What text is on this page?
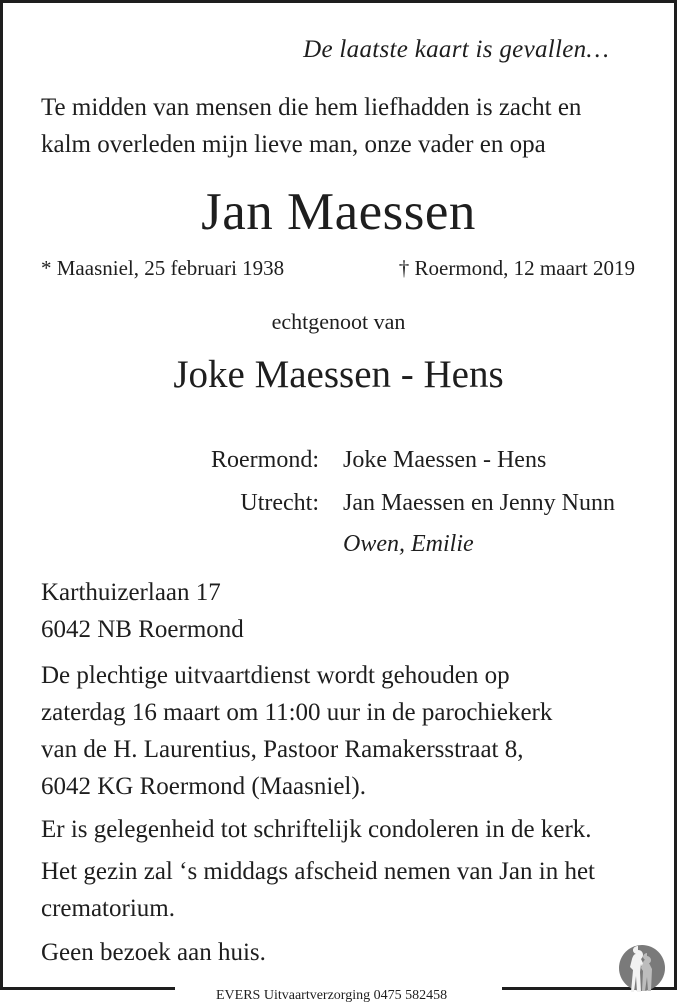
De laatste kaart is gevallen…
Te midden van mensen die hem liefhadden is zacht en
kalm overleden mijn lieve man, onze vader en opa
Jan Maessen
* Maasniel, 25 februari 1938	† Roermond, 12 maart 2019
echtgenoot van
Joke Maessen - Hens
Roermond: Joke Maessen - Hens
Utrecht: Jan Maessen en Jenny Nunn
Owen, Emilie
Karthuizerlaan 17
6042 NB Roermond
De plechtige uitvaartdienst wordt gehouden op
zaterdag 16 maart om 11:00 uur in de parochiekerk
van de H. Laurentius, Pastoor Ramakersstraat 8,
6042 KG Roermond (Maasniel).
Er is gelegenheid tot schriftelijk condoleren in de kerk.
Het gezin zal ‘s middags afscheid nemen van Jan in het
crematorium.
Geen bezoek aan huis.
EVERS Uitvaartverzorging 0475 582458
